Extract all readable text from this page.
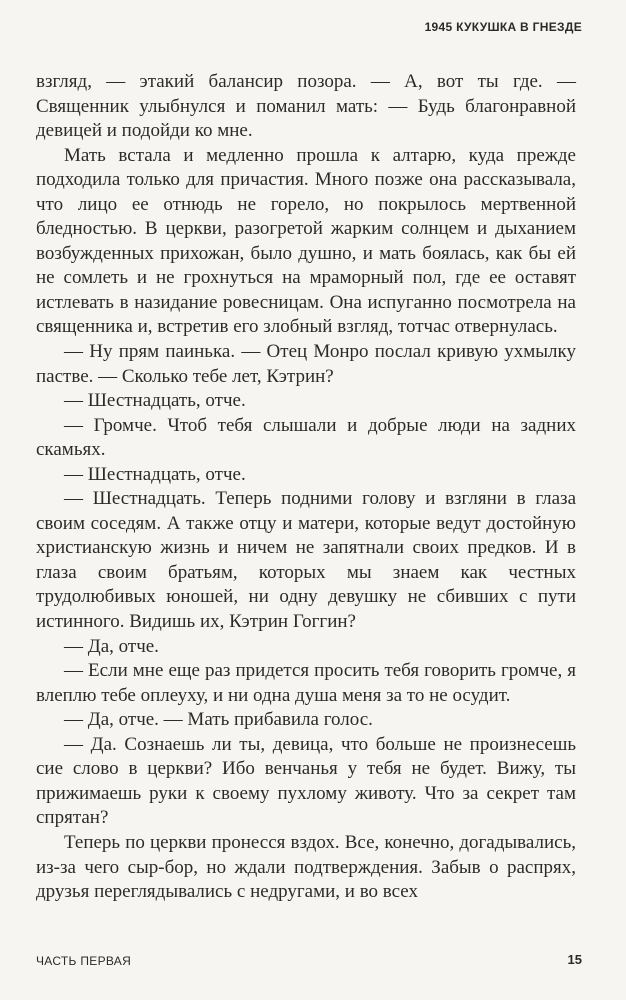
1945 КУКУШКА В ГНЕЗДЕ

взгляд, — этакий балансир позора. — А, вот ты где. — Священник улыбнулся и поманил мать: — Будь благонравной девицей и подойди ко мне.

Мать встала и медленно прошла к алтарю, куда прежде подходила только для причастия. Много позже она рассказывала, что лицо ее отнюдь не горело, но покрылось мертвенной бледностью. В церкви, разогретой жарким солнцем и дыханием возбужденных прихожан, было душно, и мать боялась, как бы ей не сомлеть и не грохнуться на мраморный пол, где ее оставят истлевать в назидание ровесницам. Она испуганно посмотрела на священника и, встретив его злобный взгляд, тотчас отвернулась.

— Ну прям паинька. — Отец Монро послал кривую ухмылку пастве. — Сколько тебе лет, Кэтрин?

— Шестнадцать, отче.

— Громче. Чтоб тебя слышали и добрые люди на задних скамьях.

— Шестнадцать, отче.

— Шестнадцать. Теперь подними голову и взгляни в глаза своим соседям. А также отцу и матери, которые ведут достойную христианскую жизнь и ничем не запятнали своих предков. И в глаза своим братьям, которых мы знаем как честных трудолюбивых юношей, ни одну девушку не сбивших с пути истинного. Видишь их, Кэтрин Гоггин?

— Да, отче.

— Если мне еще раз придется просить тебя говорить громче, я влеплю тебе оплеуху, и ни одна душа меня за то не осудит.

— Да, отче. — Мать прибавила голос.

— Да. Сознаешь ли ты, девица, что больше не произнесешь сие слово в церкви? Ибо венчанья у тебя не будет. Вижу, ты прижимаешь руки к своему пухлому животу. Что за секрет там спрятан?

Теперь по церкви пронесся вздох. Все, конечно, догадывались, из-за чего сыр-бор, но ждали подтверждения. Забыв о распрях, друзья переглядывались с недругами, и во всех

ЧАСТЬ ПЕРВАЯ	15
